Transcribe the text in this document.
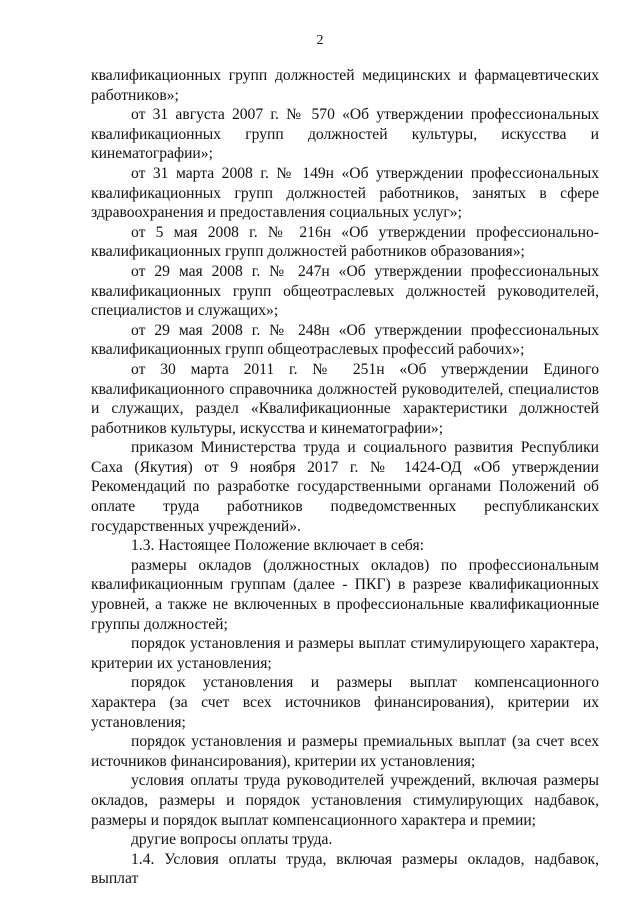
2

квалификационных групп должностей медицинских и фармацевтических работников»;

от 31 августа 2007 г. № 570 «Об утверждении профессиональных квалификационных групп должностей культуры, искусства и кинематографии»;

от 31 марта 2008 г. № 149н «Об утверждении профессиональных квалификационных групп должностей работников, занятых в сфере здравоохранения и предоставления социальных услуг»;

от 5 мая 2008 г. № 216н «Об утверждении профессионально-квалификационных групп должностей работников образования»;

от 29 мая 2008 г. № 247н «Об утверждении профессиональных квалификационных групп общеотраслевых должностей руководителей, специалистов и служащих»;

от 29 мая 2008 г. № 248н «Об утверждении профессиональных квалификационных групп общеотраслевых профессий рабочих»;

от 30 марта 2011 г. № 251н «Об утверждении Единого квалификационного справочника должностей руководителей, специалистов и служащих, раздел «Квалификационные характеристики должностей работников культуры, искусства и кинематографии»;

приказом Министерства труда и социального развития Республики Саха (Якутия) от 9 ноября 2017 г. № 1424-ОД «Об утверждении Рекомендаций по разработке государственными органами Положений об оплате труда работников подведомственных республиканских государственных учреждений».

1.3. Настоящее Положение включает в себя:

размеры окладов (должностных окладов) по профессиональным квалификационным группам (далее - ПКГ) в разрезе квалификационных уровней, а также не включенных в профессиональные квалификационные группы должностей;

порядок установления и размеры выплат стимулирующего характера, критерии их установления;

порядок установления и размеры выплат компенсационного характера (за счет всех источников финансирования), критерии их установления;

порядок установления и размеры премиальных выплат (за счет всех источников финансирования), критерии их установления;

условия оплаты труда руководителей учреждений, включая размеры окладов, размеры и порядок установления стимулирующих надбавок, размеры и порядок выплат компенсационного характера и премии;

другие вопросы оплаты труда.

1.4. Условия оплаты труда, включая размеры окладов, надбавок, выплат
